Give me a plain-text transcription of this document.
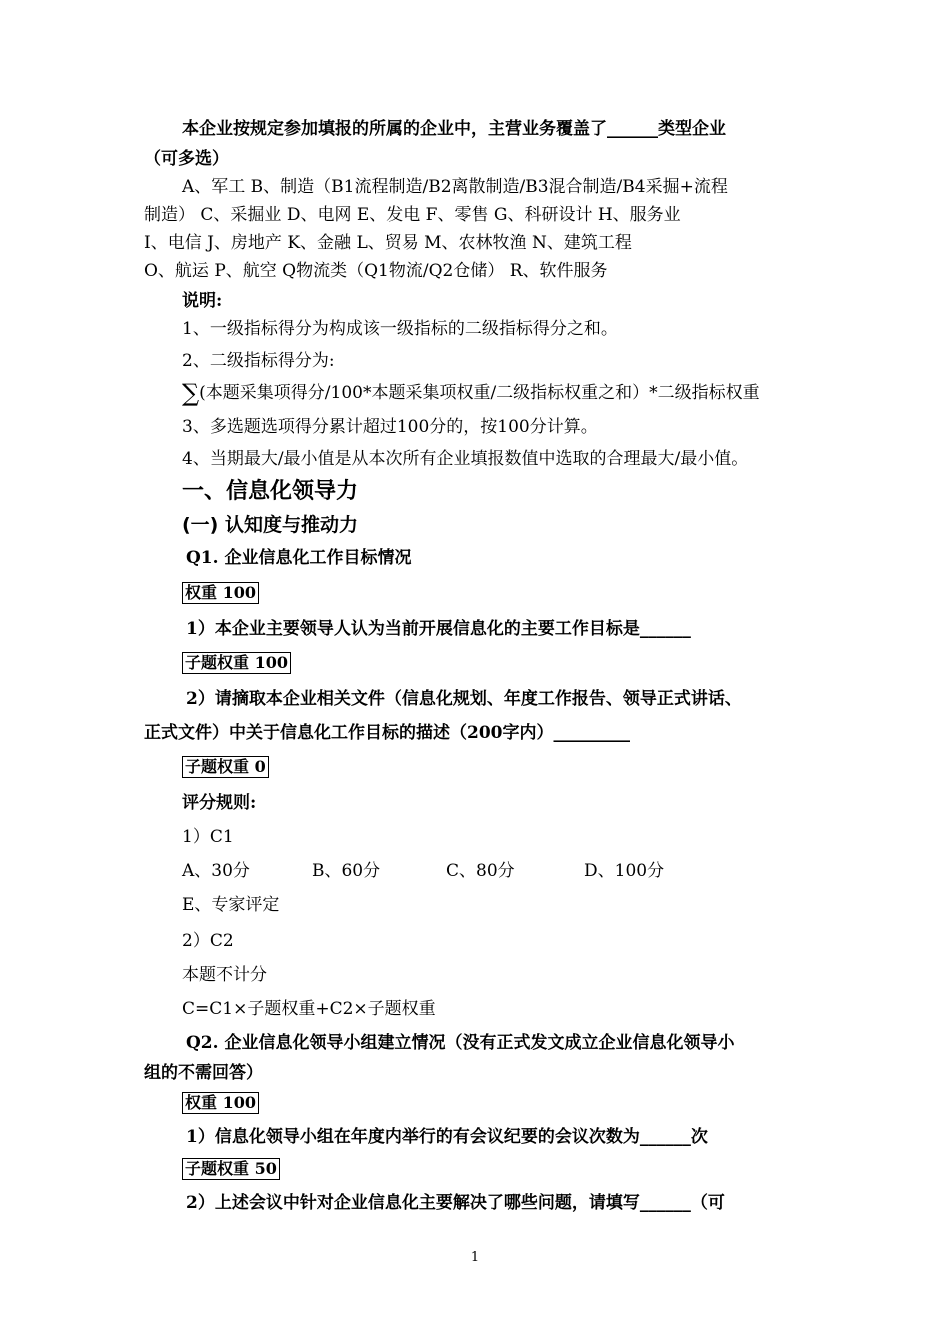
本企业按规定参加填报的所属的企业中，主营业务覆盖了______类型企业
（可多选）
A、军工 B、制造（B1流程制造/B2离散制造/B3混合制造/B4采掘+流程
制造） C、采掘业 D、电网 E、发电 F、零售 G、科研设计 H、服务业
I、电信 J、房地产 K、金融 L、贸易 M、农林牧渔 N、建筑工程
O、航运 P、航空 Q物流类（Q1物流/Q2仓储） R、软件服务
说明:
1、一级指标得分为构成该一级指标的二级指标得分之和。
2、二级指标得分为:
∑(本题采集项得分/100*本题采集项权重/二级指标权重之和）*二级指标权重
3、多选题选项得分累计超过100分的，按100分计算。
4、当期最大/最小值是从本次所有企业填报数值中选取的合理最大/最小值。
一、信息化领导力
(一) 认知度与推动力
Q1. 企业信息化工作目标情况
权重 100
1）本企业主要领导人认为当前开展信息化的主要工作目标是______
子题权重 100
2）请摘取本企业相关文件（信息化规划、年度工作报告、领导正式讲话、
正式文件）中关于信息化工作目标的描述（200字内）_________
子题权重 0
评分规则:
1）C1
A、30分	B、60分	C、80分	D、100分
E、专家评定
2）C2
本题不计分
C=C1×子题权重+C2×子题权重
Q2. 企业信息化领导小组建立情况（没有正式发文成立企业信息化领导小
组的不需回答）
权重 100
1）信息化领导小组在年度内举行的有会议纪要的会议次数为______次
子题权重 50
2）上述会议中针对企业信息化主要解决了哪些问题，请填写______（可
1
